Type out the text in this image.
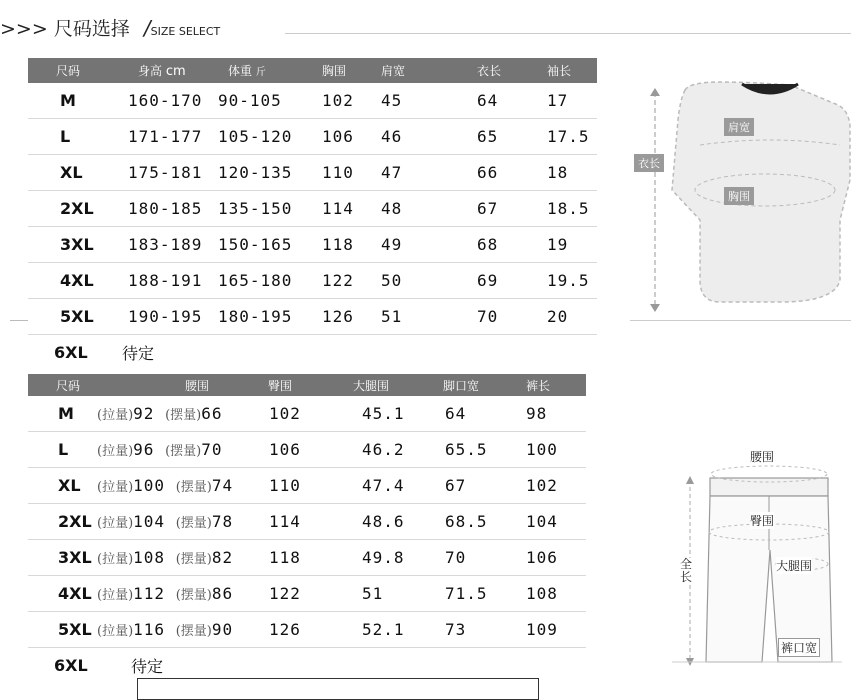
>>> 尺码选择 /SIZE SELECT
尺码	身高 cm	体重 斤	胸围	肩宽	衣长	袖长
M	160-170	90-105	102	45	64	17
L	171-177	105-120	106	46	65	17.5
XL	175-181	120-135	110	47	66	18
2XL	180-185	135-150	114	48	67	18.5
3XL	183-189	150-165	118	49	68	19
4XL	188-191	165-180	122	50	69	19.5
5XL	190-195	180-195	126	51	70	20
6XL	待定					
尺码	腰围	臀围	大腿围	脚口宽	裤长
M	(拉量)92 (摆量)66	102	45.1	64	98
L	(拉量)96 (摆量)70	106	46.2	65.5	100
XL	(拉量)100 (摆量)74	110	47.4	67	102
2XL	(拉量)104 (摆量)78	114	48.6	68.5	104
3XL	(拉量)108 (摆量)82	118	49.8	70	106
4XL	(拉量)112 (摆量)86	122	51	71.5	108
5XL	(拉量)116 (摆量)90	126	52.1	73	109
6XL	待定				
肩宽
衣长
胸围
腰围
臀围
全长
大腿围
裤口宽
